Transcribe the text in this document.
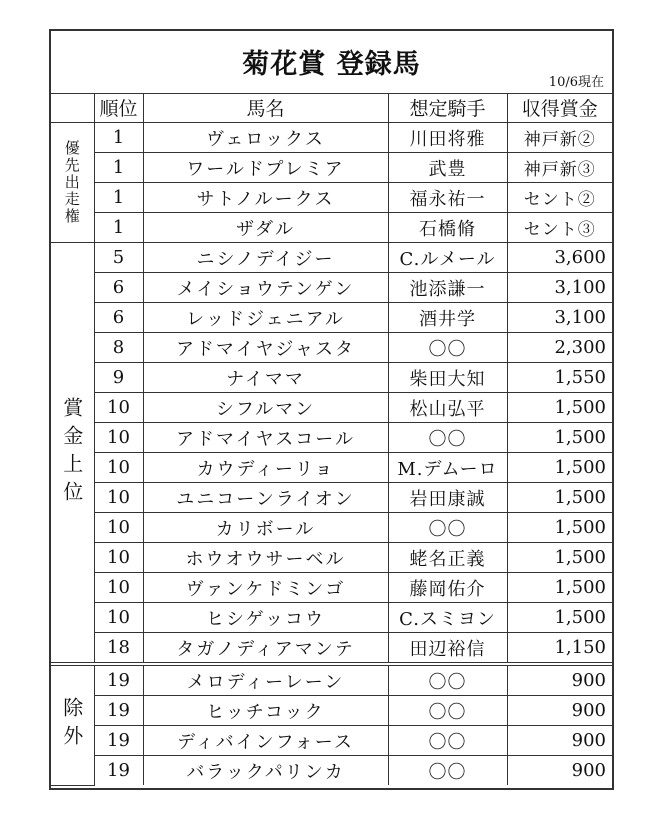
菊花賞 登録馬
10/6現在
	順位	馬名	想定騎手	収得賞金
優先出走権	1	ヴェロックス	川田将雅	神戸新②
	1	ワールドプレミア	武豊	神戸新③
	1	サトノルークス	福永祐一	セント②
	1	ザダル	石橋脩	セント③
賞金上位	5	ニシノデイジー	C.ルメール	3,600
	6	メイショウテンゲン	池添謙一	3,100
	6	レッドジェニアル	酒井学	3,100
	8	アドマイヤジャスタ	〇〇	2,300
	9	ナイママ	柴田大知	1,550
	10	シフルマン	松山弘平	1,500
	10	アドマイヤスコール	〇〇	1,500
	10	カウディーリョ	M.デムーロ	1,500
	10	ユニコーンライオン	岩田康誠	1,500
	10	カリボール	〇〇	1,500
	10	ホウオウサーベル	蛯名正義	1,500
	10	ヴァンケドミンゴ	藤岡佑介	1,500
	10	ヒシゲッコウ	C.スミヨン	1,500
	18	タガノディアマンテ	田辺裕信	1,150
除外	19	メロディーレーン	〇〇	900
	19	ヒッチコック	〇〇	900
	19	ディバインフォース	〇〇	900
	19	バラックパリンカ	〇〇	900
